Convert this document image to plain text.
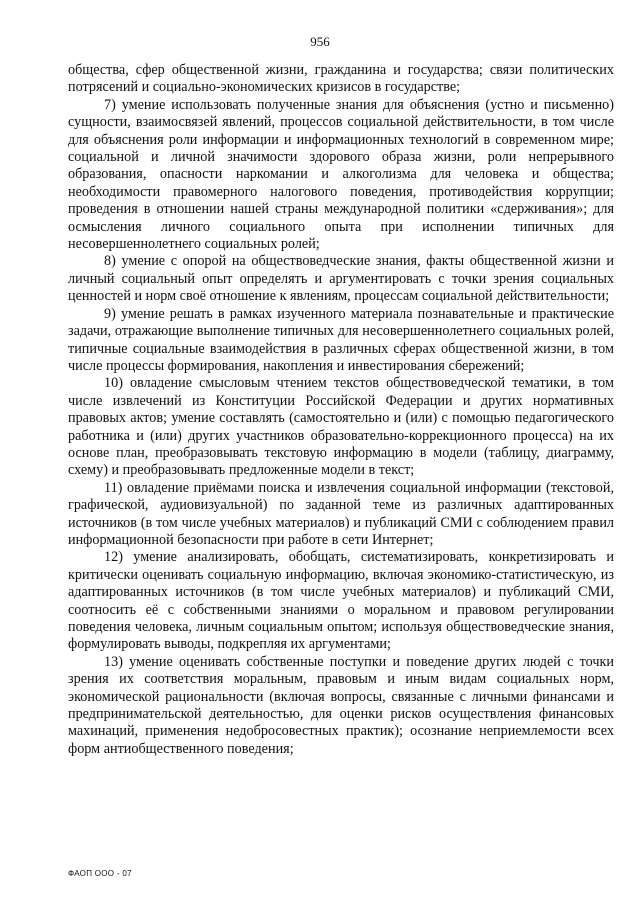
956

общества, сфер общественной жизни, гражданина и государства; связи политических потрясений и социально-экономических кризисов в государстве;

7) умение использовать полученные знания для объяснения (устно и письменно) сущности, взаимосвязей явлений, процессов социальной действительности, в том числе для объяснения роли информации и информационных технологий в современном мире; социальной и личной значимости здорового образа жизни, роли непрерывного образования, опасности наркомании и алкоголизма для человека и общества; необходимости правомерного налогового поведения, противодействия коррупции; проведения в отношении нашей страны международной политики «сдерживания»; для осмысления личного социального опыта при исполнении типичных для несовершеннолетнего социальных ролей;

8) умение с опорой на обществоведческие знания, факты общественной жизни и личный социальный опыт определять и аргументировать с точки зрения социальных ценностей и норм своё отношение к явлениям, процессам социальной действительности;

9) умение решать в рамках изученного материала познавательные и практические задачи, отражающие выполнение типичных для несовершеннолетнего социальных ролей, типичные социальные взаимодействия в различных сферах общественной жизни, в том числе процессы формирования, накопления и инвестирования сбережений;

10) овладение смысловым чтением текстов обществоведческой тематики, в том числе извлечений из Конституции Российской Федерации и других нормативных правовых актов; умение составлять (самостоятельно и (или) с помощью педагогического работника и (или) других участников образовательно-коррекционного процесса) на их основе план, преобразовывать текстовую информацию в модели (таблицу, диаграмму, схему) и преобразовывать предложенные модели в текст;

11) овладение приёмами поиска и извлечения социальной информации (текстовой, графической, аудиовизуальной) по заданной теме из различных адаптированных источников (в том числе учебных материалов) и публикаций СМИ с соблюдением правил информационной безопасности при работе в сети Интернет;

12) умение анализировать, обобщать, систематизировать, конкретизировать и критически оценивать социальную информацию, включая экономико-статистическую, из адаптированных источников (в том числе учебных материалов) и публикаций СМИ, соотносить её с собственными знаниями о моральном и правовом регулировании поведения человека, личным социальным опытом; используя обществоведческие знания, формулировать выводы, подкрепляя их аргументами;

13) умение оценивать собственные поступки и поведение других людей с точки зрения их соответствия моральным, правовым и иным видам социальных норм, экономической рациональности (включая вопросы, связанные с личными финансами и предпринимательской деятельностью, для оценки рисков осуществления финансовых махинаций, применения недобросовестных практик); осознание неприемлемости всех форм антиобщественного поведения;

ФАОП ООО - 07
